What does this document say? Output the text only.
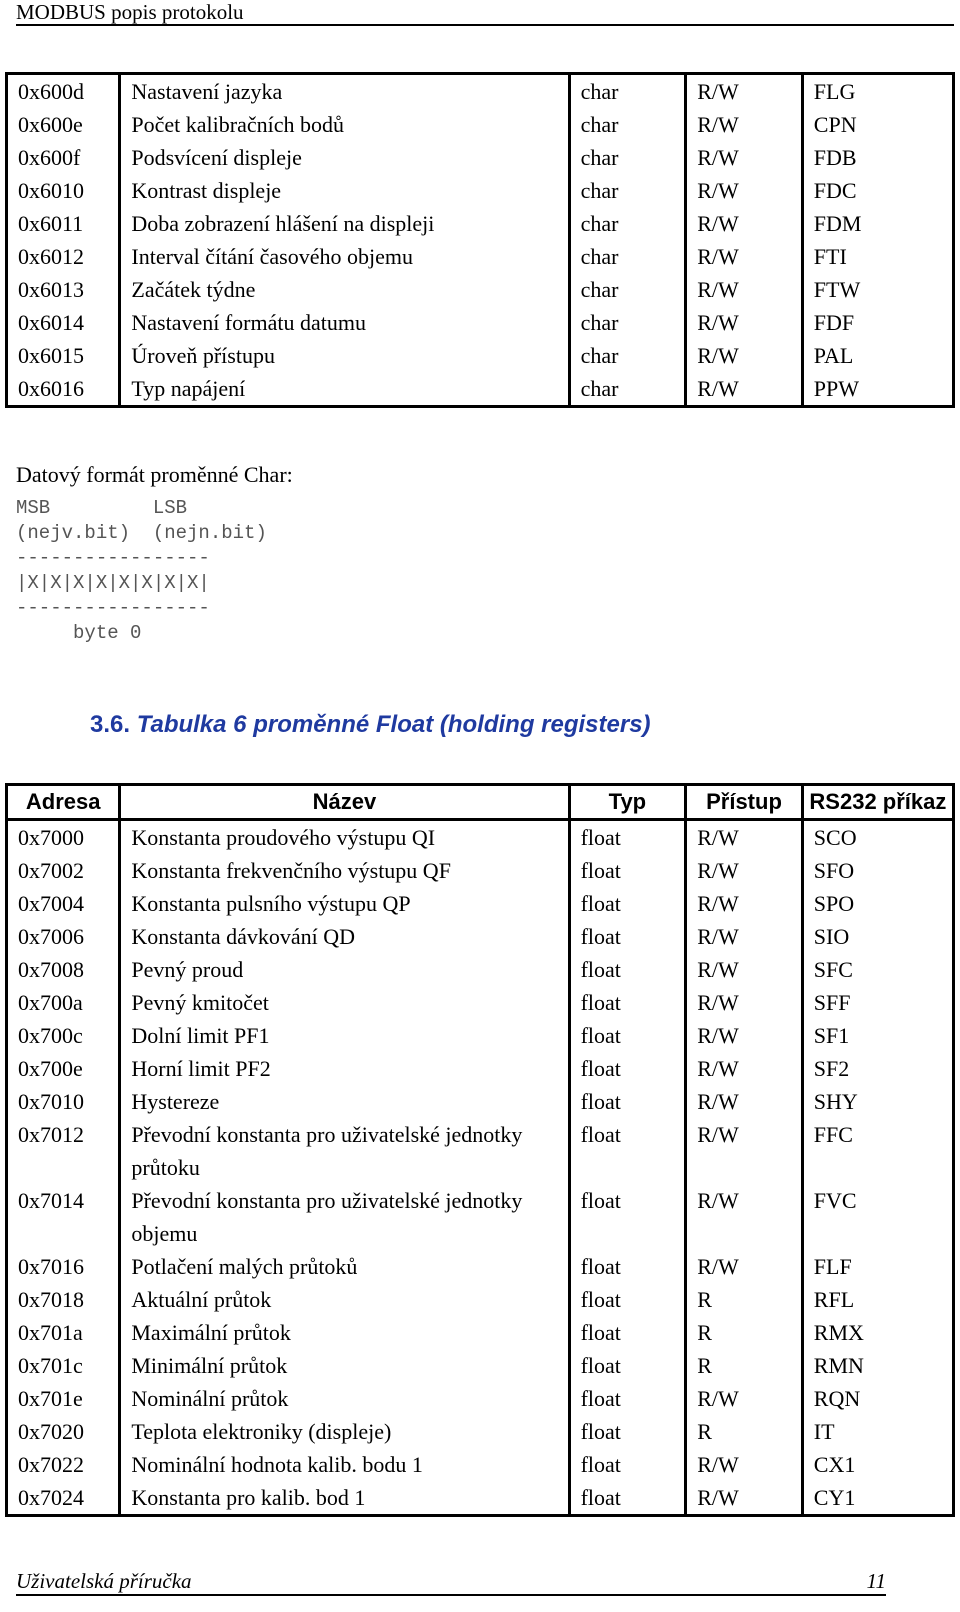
MODBUS popis protokolu
0x600d	Nastavení jazyka	char	R/W	FLG
0x600e	Počet kalibračních bodů	char	R/W	CPN
0x600f	Podsvícení displeje	char	R/W	FDB
0x6010	Kontrast displeje	char	R/W	FDC
0x6011	Doba zobrazení hlášení na displeji	char	R/W	FDM
0x6012	Interval čítání časového objemu	char	R/W	FTI
0x6013	Začátek týdne	char	R/W	FTW
0x6014	Nastavení formátu datumu	char	R/W	FDF
0x6015	Úroveň přístupu	char	R/W	PAL
0x6016	Typ napájení	char	R/W	PPW
Datový formát proměnné Char:
MSB         LSB
(nejv.bit)  (nejn.bit)
-----------------
|X|X|X|X|X|X|X|X|
-----------------
byte 0
3.6. Tabulka 6 proměnné Float (holding registers)
Adresa	Název	Typ	Přístup	RS232 příkaz
0x7000	Konstanta proudového výstupu QI	float	R/W	SCO
0x7002	Konstanta frekvenčního výstupu QF	float	R/W	SFO
0x7004	Konstanta pulsního výstupu QP	float	R/W	SPO
0x7006	Konstanta dávkování QD	float	R/W	SIO
0x7008	Pevný proud	float	R/W	SFC
0x700a	Pevný kmitočet	float	R/W	SFF
0x700c	Dolní limit PF1	float	R/W	SF1
0x700e	Horní limit PF2	float	R/W	SF2
0x7010	Hystereze	float	R/W	SHY
0x7012	Převodní konstanta pro uživatelské jednotky průtoku	float	R/W	FFC
0x7014	Převodní konstanta pro uživatelské jednotky objemu	float	R/W	FVC
0x7016	Potlačení malých průtoků	float	R/W	FLF
0x7018	Aktuální průtok	float	R	RFL
0x701a	Maximální průtok	float	R	RMX
0x701c	Minimální průtok	float	R	RMN
0x701e	Nominální průtok	float	R/W	RQN
0x7020	Teplota elektroniky (displeje)	float	R	IT
0x7022	Nominální hodnota kalib. bodu 1	float	R/W	CX1
0x7024	Konstanta pro kalib. bod 1	float	R/W	CY1
Uživatelská příručka	11
